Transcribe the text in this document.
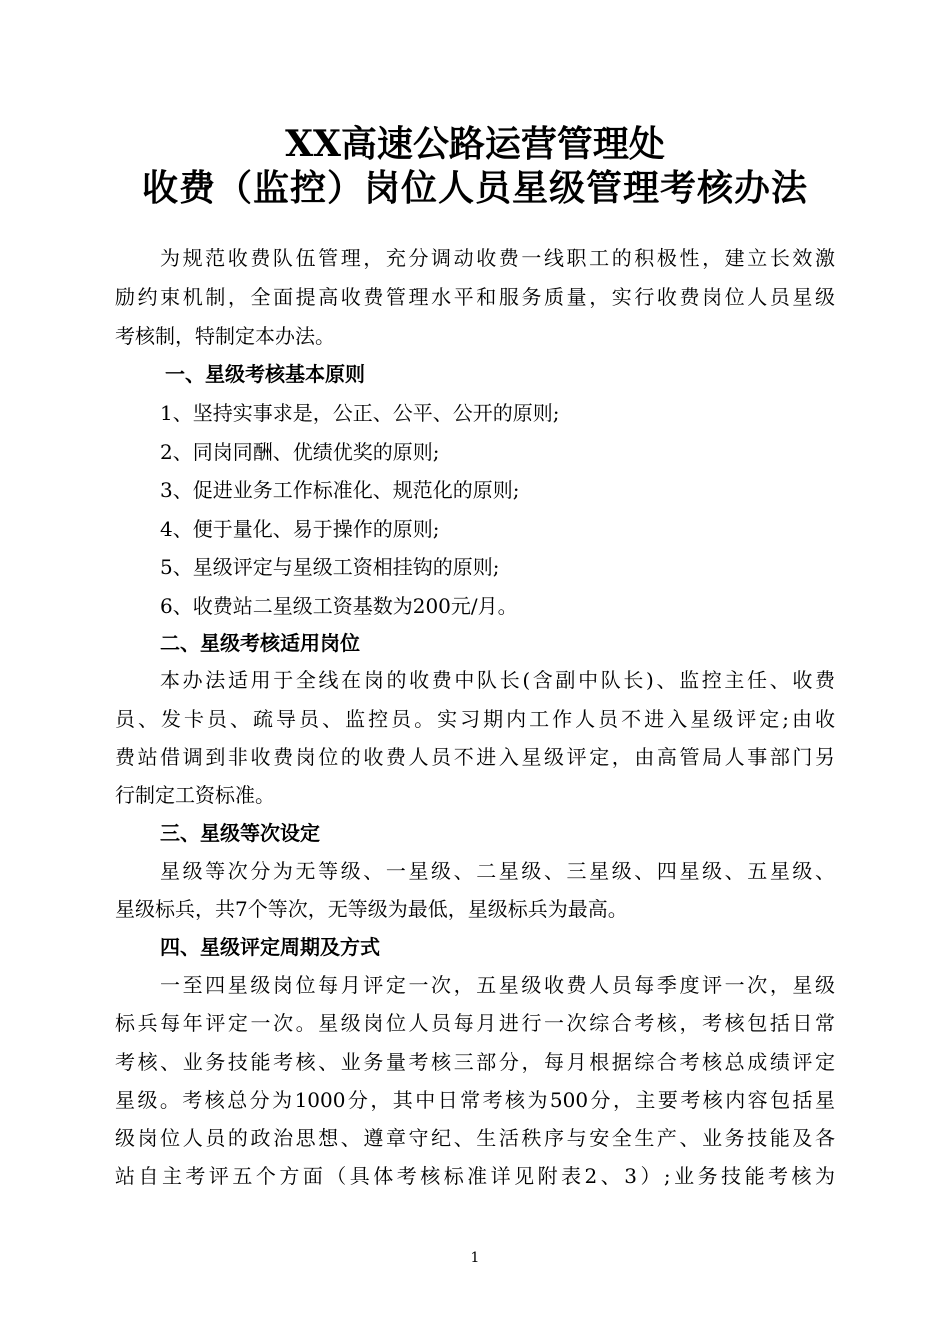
XX高速公路运营管理处
收费（监控）岗位人员星级管理考核办法
为规范收费队伍管理，充分调动收费一线职工的积极性，建立长效激
励约束机制，全面提高收费管理水平和服务质量，实行收费岗位人员星级
考核制，特制定本办法。
一、星级考核基本原则
1、坚持实事求是，公正、公平、公开的原则;
2、同岗同酬、优绩优奖的原则;
3、促进业务工作标准化、规范化的原则;
4、便于量化、易于操作的原则;
5、星级评定与星级工资相挂钩的原则;
6、收费站二星级工资基数为200元/月。
二、星级考核适用岗位
本办法适用于全线在岗的收费中队长(含副中队长)、监控主任、收费
员、发卡员、疏导员、监控员。实习期内工作人员不进入星级评定;由收
费站借调到非收费岗位的收费人员不进入星级评定，由高管局人事部门另
行制定工资标准。
三、星级等次设定
星级等次分为无等级、一星级、二星级、三星级、四星级、五星级、
星级标兵，共7个等次，无等级为最低，星级标兵为最高。
四、星级评定周期及方式
一至四星级岗位每月评定一次，五星级收费人员每季度评一次，星级
标兵每年评定一次。星级岗位人员每月进行一次综合考核，考核包括日常
考核、业务技能考核、业务量考核三部分，每月根据综合考核总成绩评定
星级。考核总分为1000分，其中日常考核为500分，主要考核内容包括星
级岗位人员的政治思想、遵章守纪、生活秩序与安全生产、业务技能及各
站自主考评五个方面（具体考核标准详见附表2、3）;业务技能考核为
1
